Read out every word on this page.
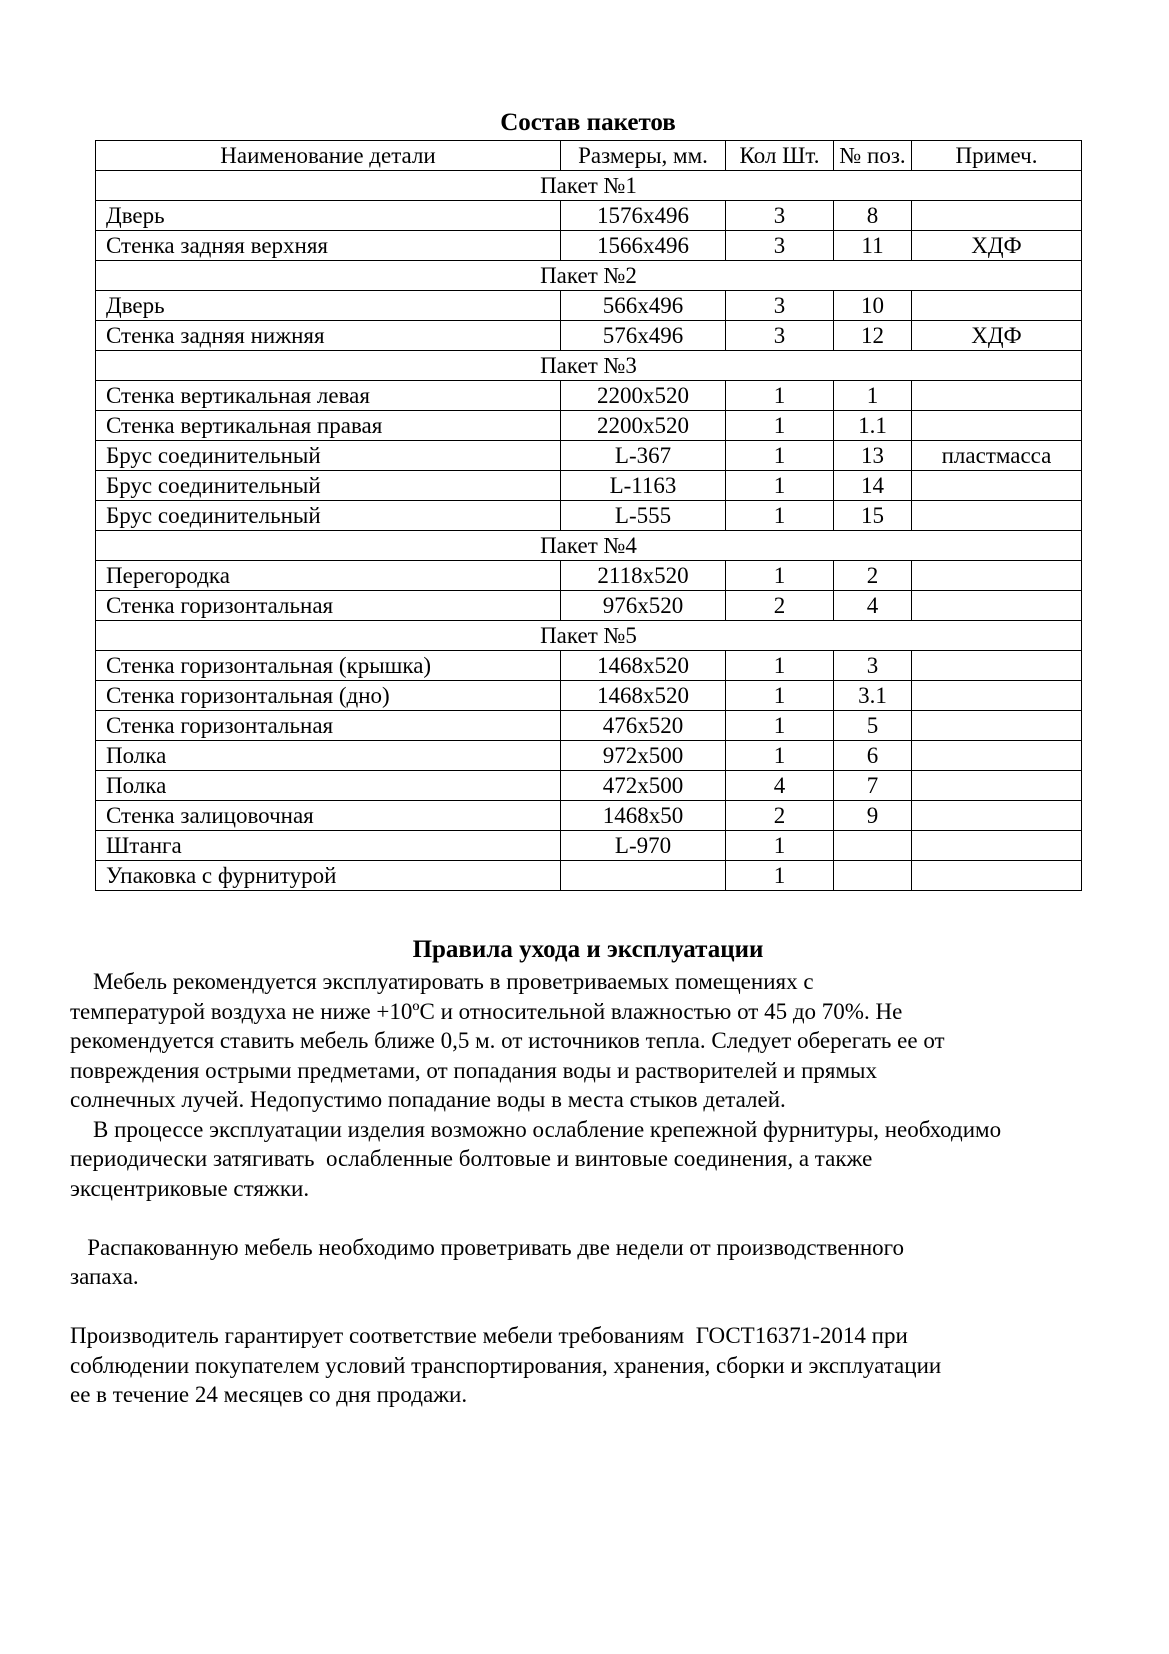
Состав пакетов
Наименование детали	Размеры, мм.	Кол Шт.	№ поз.	Примеч.
Пакет №1				
Дверь	1576x496	3	8	
Стенка задняя верхняя	1566x496	3	11	ХДФ
Пакет №2				
Дверь	566x496	3	10	
Стенка задняя нижняя	576x496	3	12	ХДФ
Пакет №3				
Стенка вертикальная левая	2200x520	1	1	
Стенка вертикальная правая	2200x520	1	1.1	
Брус соединительный	L-367	1	13	пластмасса
Брус соединительный	L-1163	1	14	
Брус соединительный	L-555	1	15	
Пакет №4				
Перегородка	2118x520	1	2	
Стенка горизонтальная	976x520	2	4	
Пакет №5				
Стенка горизонтальная (крышка)	1468x520	1	3	
Стенка горизонтальная (дно)	1468x520	1	3.1	
Стенка горизонтальная	476x520	1	5	
Полка	972x500	1	6	
Полка	472x500	4	7	
Стенка залицовочная	1468x50	2	9	
Штанга	L-970	1		
Упаковка с фурнитурой		1		
Правила ухода и эксплуатации

Мебель рекомендуется эксплуатировать в проветриваемых помещениях с

температурой воздуха не ниже +10ºС и относительной влажностью от 45 до 70%. Не

рекомендуется ставить мебель ближе 0,5 м. от источников тепла. Следует оберегать ее от

повреждения острыми предметами, от попадания воды и растворителей и прямых

солнечных лучей. Недопустимо попадание воды в места стыков деталей.

В процессе эксплуатации изделия возможно ослабление крепежной фурнитуры, необходимо

периодически затягивать  ослабленные болтовые и винтовые соединения, а также

эксцентриковые стяжки.

Распакованную мебель необходимо проветривать две недели от производственного

запаха.

Производитель гарантирует соответствие мебели требованиям  ГОСТ16371-2014 при

соблюдении покупателем условий транспортирования, хранения, сборки и эксплуатации

ее в течение 24 месяцев со дня продажи.
